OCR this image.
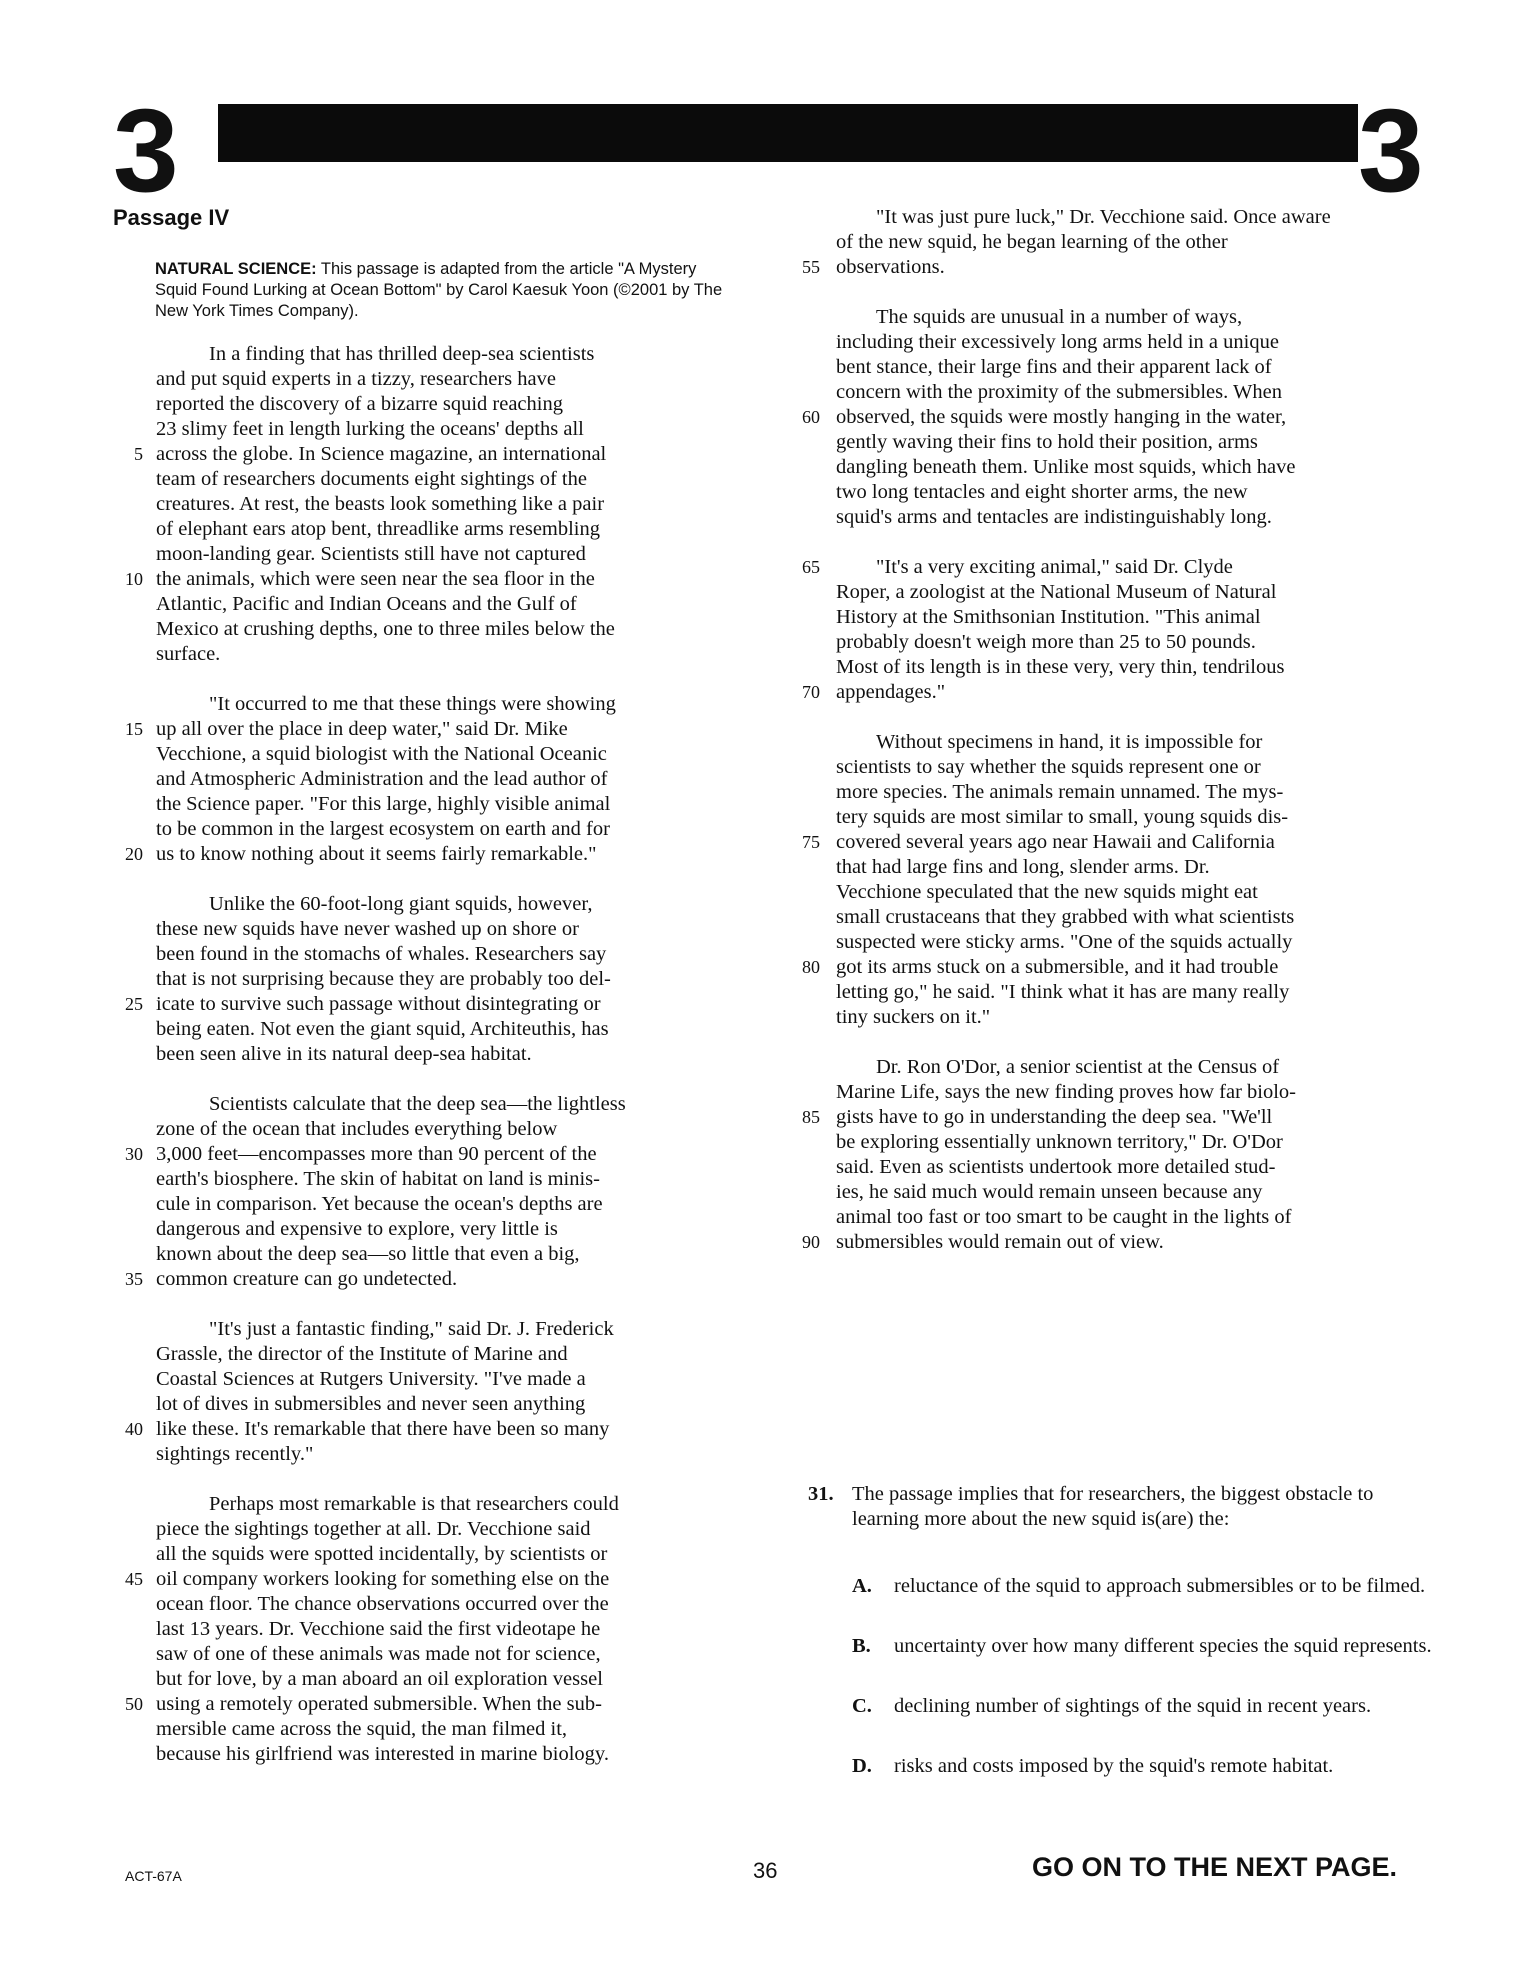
3	3
Passage IV
NATURAL SCIENCE: This passage is adapted from the article "A Mystery Squid Found Lurking at Ocean Bottom" by Carol Kaesuk Yoon (©2001 by The New York Times Company).
In a finding that has thrilled deep-sea scientists
and put squid experts in a tizzy, researchers have
reported the discovery of a bizarre squid reaching
23 slimy feet in length lurking the oceans' depths all
5 across the globe. In Science magazine, an international
team of researchers documents eight sightings of the
creatures. At rest, the beasts look something like a pair
of elephant ears atop bent, threadlike arms resembling
moon-landing gear. Scientists still have not captured
10 the animals, which were seen near the sea floor in the
Atlantic, Pacific and Indian Oceans and the Gulf of
Mexico at crushing depths, one to three miles below the
surface.
"It occurred to me that these things were showing
15 up all over the place in deep water," said Dr. Mike
Vecchione, a squid biologist with the National Oceanic
and Atmospheric Administration and the lead author of
the Science paper. "For this large, highly visible animal
to be common in the largest ecosystem on earth and for
20 us to know nothing about it seems fairly remarkable."
Unlike the 60-foot-long giant squids, however,
these new squids have never washed up on shore or
been found in the stomachs of whales. Researchers say
that is not surprising because they are probably too del-
25 icate to survive such passage without disintegrating or
being eaten. Not even the giant squid, Architeuthis, has
been seen alive in its natural deep-sea habitat.
Scientists calculate that the deep sea—the lightless
zone of the ocean that includes everything below
30 3,000 feet—encompasses more than 90 percent of the
earth's biosphere. The skin of habitat on land is minis-
cule in comparison. Yet because the ocean's depths are
dangerous and expensive to explore, very little is
known about the deep sea—so little that even a big,
35 common creature can go undetected.
"It's just a fantastic finding," said Dr. J. Frederick
Grassle, the director of the Institute of Marine and
Coastal Sciences at Rutgers University. "I've made a
lot of dives in submersibles and never seen anything
40 like these. It's remarkable that there have been so many
sightings recently."
Perhaps most remarkable is that researchers could
piece the sightings together at all. Dr. Vecchione said
all the squids were spotted incidentally, by scientists or
45 oil company workers looking for something else on the
ocean floor. The chance observations occurred over the
last 13 years. Dr. Vecchione said the first videotape he
saw of one of these animals was made not for science,
but for love, by a man aboard an oil exploration vessel
50 using a remotely operated submersible. When the sub-
mersible came across the squid, the man filmed it,
because his girlfriend was interested in marine biology.
"It was just pure luck," Dr. Vecchione said. Once aware
of the new squid, he began learning of the other
55 observations.
The squids are unusual in a number of ways,
including their excessively long arms held in a unique
bent stance, their large fins and their apparent lack of
concern with the proximity of the submersibles. When
60 observed, the squids were mostly hanging in the water,
gently waving their fins to hold their position, arms
dangling beneath them. Unlike most squids, which have
two long tentacles and eight shorter arms, the new
squid's arms and tentacles are indistinguishably long.
65	"It's a very exciting animal," said Dr. Clyde
Roper, a zoologist at the National Museum of Natural
History at the Smithsonian Institution. "This animal
probably doesn't weigh more than 25 to 50 pounds.
Most of its length is in these very, very thin, tendrilous
70 appendages."
Without specimens in hand, it is impossible for
scientists to say whether the squids represent one or
more species. The animals remain unnamed. The mys-
tery squids are most similar to small, young squids dis-
75 covered several years ago near Hawaii and California
that had large fins and long, slender arms. Dr.
Vecchione speculated that the new squids might eat
small crustaceans that they grabbed with what scientists
suspected were sticky arms. "One of the squids actually
80 got its arms stuck on a submersible, and it had trouble
letting go," he said. "I think what it has are many really
tiny suckers on it."
Dr. Ron O'Dor, a senior scientist at the Census of
Marine Life, says the new finding proves how far biolo-
85 gists have to go in understanding the deep sea. "We'll
be exploring essentially unknown territory," Dr. O'Dor
said. Even as scientists undertook more detailed stud-
ies, he said much would remain unseen because any
animal too fast or too smart to be caught in the lights of
90 submersibles would remain out of view.
31. The passage implies that for researchers, the biggest obstacle to learning more about the new squid is(are) the:
A. reluctance of the squid to approach submersibles or to be filmed.
B. uncertainty over how many different species the squid represents.
C. declining number of sightings of the squid in recent years.
D. risks and costs imposed by the squid's remote habitat.
ACT-67A	36	GO ON TO THE NEXT PAGE.
